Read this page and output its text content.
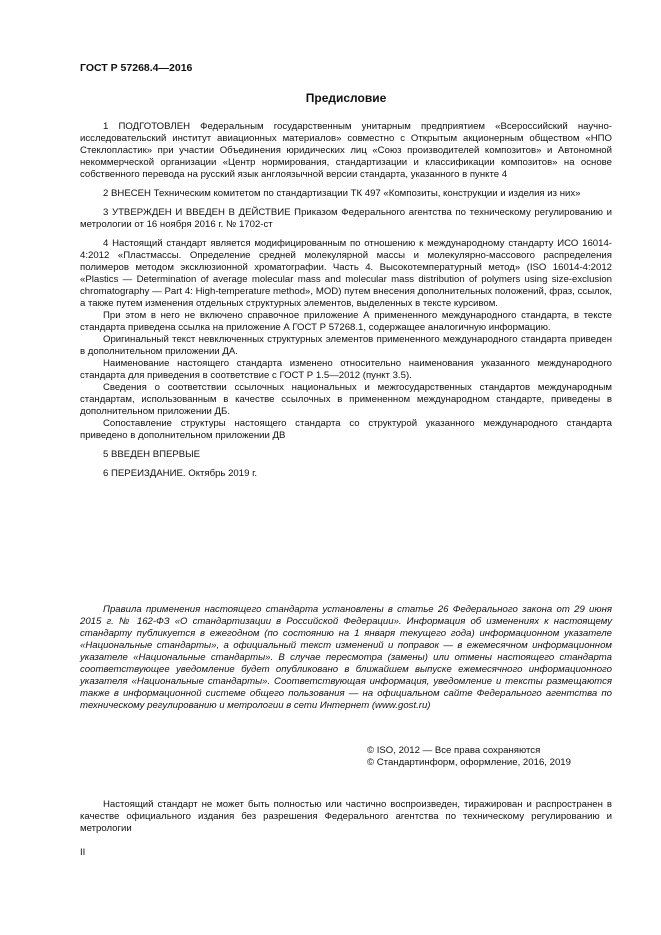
ГОСТ Р 57268.4—2016
Предисловие

1 ПОДГОТОВЛЕН Федеральным государственным унитарным предприятием «Всероссийский научно-исследовательский институт авиационных материалов» совместно с Открытым акционерным обществом «НПО Стеклопластик» при участии Объединения юридических лиц «Союз производителей композитов» и Автономной некоммерческой организации «Центр нормирования, стандартизации и классификации композитов» на основе собственного перевода на русский язык англоязычной версии стандарта, указанного в пункте 4

2 ВНЕСЕН Техническим комитетом по стандартизации ТК 497 «Композиты, конструкции и изделия из них»

3 УТВЕРЖДЕН И ВВЕДЕН В ДЕЙСТВИЕ Приказом Федерального агентства по техническому регулированию и метрологии от 16 ноября 2016 г. № 1702-ст

4 Настоящий стандарт является модифицированным по отношению к международному стандарту ИСО 16014-4:2012 «Пластмассы. Определение средней молекулярной массы и молекулярно-массового распределения полимеров методом эксклюзионной хроматографии. Часть 4. Высокотемпературный метод» (ISO 16014-4:2012 «Plastics — Determination of average molecular mass and molecular mass distribution of polymers using size-exclusion chromatography — Part 4: High-temperature method», MOD) путем внесения дополнительных положений, фраз, ссылок, а также путем изменения отдельных структурных элементов, выделенных в тексте курсивом.

При этом в него не включено справочное приложение А примененного международного стандарта, в тексте стандарта приведена ссылка на приложение А ГОСТ Р 57268.1, содержащее аналогичную информацию.

Оригинальный текст невключенных структурных элементов примененного международного стандарта приведен в дополнительном приложении ДА.

Наименование настоящего стандарта изменено относительно наименования указанного международного стандарта для приведения в соответствие с ГОСТ Р 1.5—2012 (пункт 3.5).

Сведения о соответствии ссылочных национальных и межгосударственных стандартов международным стандартам, использованным в качестве ссылочных в примененном международном стандарте, приведены в дополнительном приложении ДБ.

Сопоставление структуры настоящего стандарта со структурой указанного международного стандарта приведено в дополнительном приложении ДВ

5 ВВЕДЕН ВПЕРВЫЕ

6 ПЕРЕИЗДАНИЕ. Октябрь 2019 г.

Правила применения настоящего стандарта установлены в статье 26 Федерального закона от 29 июня 2015 г. № 162-ФЗ «О стандартизации в Российской Федерации». Информация об изменениях к настоящему стандарту публикуется в ежегодном (по состоянию на 1 января текущего года) информационном указателе «Национальные стандарты», а официальный текст изменений и поправок — в ежемесячном информационном указателе «Национальные стандарты». В случае пересмотра (замены) или отмены настоящего стандарта соответствующее уведомление будет опубликовано в ближайшем выпуске ежемесячного информационного указателя «Национальные стандарты». Соответствующая информация, уведомление и тексты размещаются также в информационной системе общего пользования — на официальном сайте Федерального агентства по техническому регулированию и метрологии в сети Интернет (www.gost.ru)

© ISO, 2012 — Все права сохраняются
© Стандартинформ, оформление, 2016, 2019

Настоящий стандарт не может быть полностью или частично воспроизведен, тиражирован и распространен в качестве официального издания без разрешения Федерального агентства по техническому регулированию и метрологии

II
